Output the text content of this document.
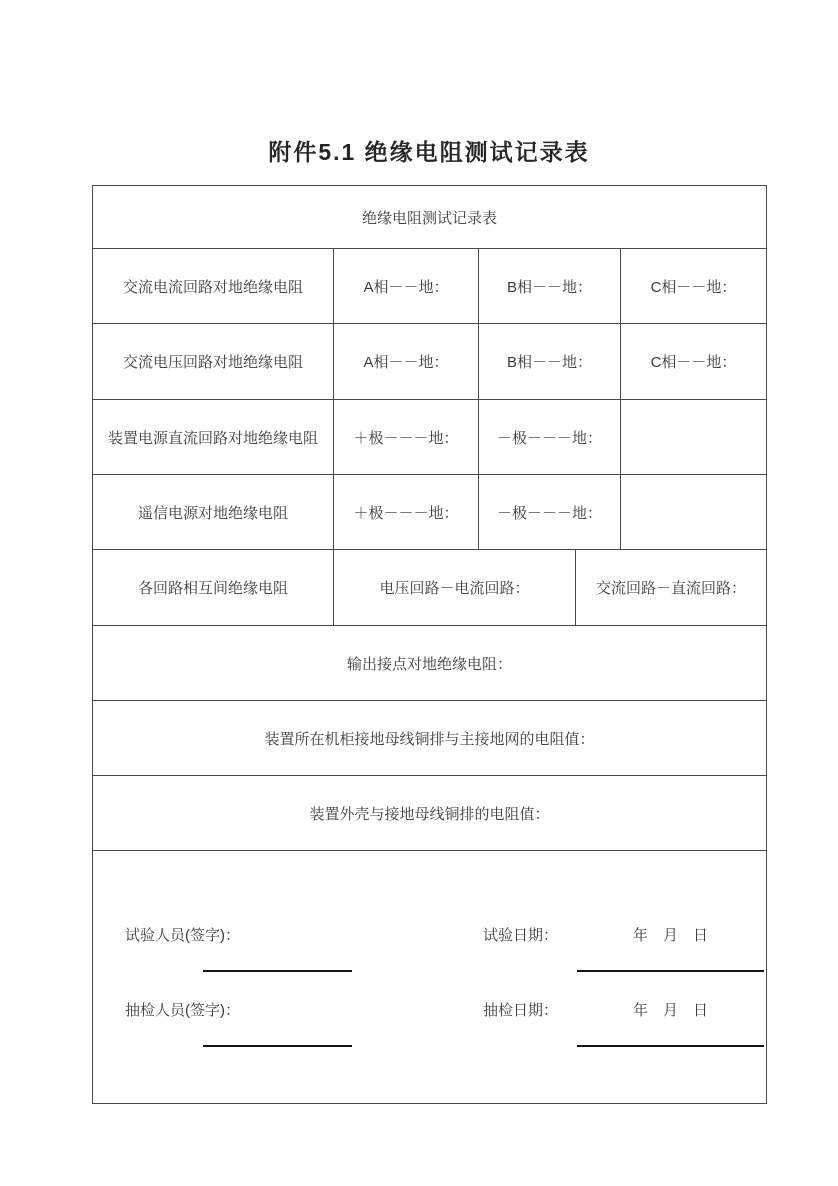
附件5.1 绝缘电阻测试记录表
绝缘电阻测试记录表				
交流电流回路对地绝缘电阻	A相－－地：	B相－－地：		C相－－地：
交流电压回路对地绝缘电阻	A相－－地：	B相－－地：		C相－－地：
装置电源直流回路对地绝缘电阻	＋极－－－地：	－极－－－地：		
遥信电源对地绝缘电阻	＋极－－－地：	－极－－－地：		
各回路相互间绝缘电阻	电压回路－电流回路：		交流回路－直流回路：	
输出接点对地绝缘电阻：				
装置所在机柜接地母线铜排与主接地网的电阻值：				
装置外壳与接地母线铜排的电阻值：				

试验人员(签字)：	试验日期：	年　月　日
抽检人员(签字)：	抽检日期：	年　月　日
